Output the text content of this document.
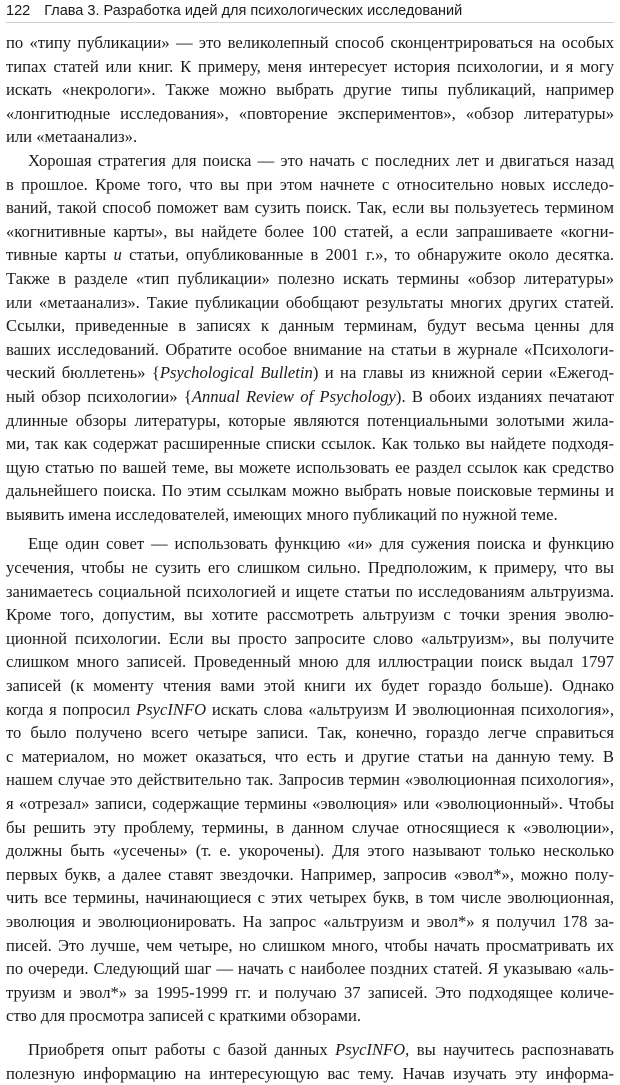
122 Глава 3. Разработка идей для психологических исследований
по «типу публикации» — это великолепный способ сконцентрироваться на особых
типах статей или книг. К примеру, меня интересует история психологии, и я могу
искать «некрологи». Также можно выбрать другие типы публикаций, например
«лонгитюдные исследования», «повторение экспериментов», «обзор литературы»
или «метаанализ».
Хорошая стратегия для поиска — это начать с последних лет и двигаться назад
в прошлое. Кроме того, что вы при этом начнете с относительно новых исследо-
ваний, такой способ поможет вам сузить поиск. Так, если вы пользуетесь термином
«когнитивные карты», вы найдете более 100 статей, а если запрашиваете «когни-
тивные карты и статьи, опубликованные в 2001 г.», то обнаружите около десятка.
Также в разделе «тип публикации» полезно искать термины «обзор литературы»
или «метаанализ». Такие публикации обобщают результаты многих других статей.
Ссылки, приведенные в записях к данным терминам, будут весьма ценны для
ваших исследований. Обратите особое внимание на статьи в журнале «Психологи-
ческий бюллетень» {Psychological Bulletin) и на главы из книжной серии «Ежегод-
ный обзор психологии» {Annual Review of Psychology). В обоих изданиях печатают
длинные обзоры литературы, которые являются потенциальными золотыми жила-
ми, так как содержат расширенные списки ссылок. Как только вы найдете подходя-
щую статью по вашей теме, вы можете использовать ее раздел ссылок как средство
дальнейшего поиска. По этим ссылкам можно выбрать новые поисковые термины и
выявить имена исследователей, имеющих много публикаций по нужной теме.
Еще один совет — использовать функцию «и» для сужения поиска и функцию
усечения, чтобы не сузить его слишком сильно. Предположим, к примеру, что вы
занимаетесь социальной психологией и ищете статьи по исследованиям альтруизма.
Кроме того, допустим, вы хотите рассмотреть альтруизм с точки зрения эволю-
ционной психологии. Если вы просто запросите слово «альтруизм», вы получите
слишком много записей. Проведенный мною для иллюстрации поиск выдал 1797
записей (к моменту чтения вами этой книги их будет гораздо больше). Однако
когда я попросил PsycINFO искать слова «альтруизм И эволюционная психология»,
то было получено всего четыре записи. Так, конечно, гораздо легче справиться
с материалом, но может оказаться, что есть и другие статьи на данную тему. В
нашем случае это действительно так. Запросив термин «эволюционная психология»,
я «отрезал» записи, содержащие термины «эволюция» или «эволюционный». Чтобы
бы решить эту проблему, термины, в данном случае относящиеся к «эволюции»,
должны быть «усечены» (т. е. укорочены). Для этого называют только несколько
первых букв, а далее ставят звездочки. Например, запросив «эвол*», можно полу-
чить все термины, начинающиеся с этих четырех букв, в том числе эволюционная,
эволюция и эволюционировать. На запрос «альтруизм и эвол*» я получил 178 за-
писей. Это лучше, чем четыре, но слишком много, чтобы начать просматривать их
по очереди. Следующий шаг — начать с наиболее поздних статей. Я указываю «аль-
труизм и эвол*» за 1995-1999 гг. и получаю 37 записей. Это подходящее количе-
ство для просмотра записей с краткими обзорами.
Приобретя опыт работы с базой данных PsycINFO, вы научитесь распознавать
полезную информацию на интересующую вас тему. Начав изучать эту информа-
